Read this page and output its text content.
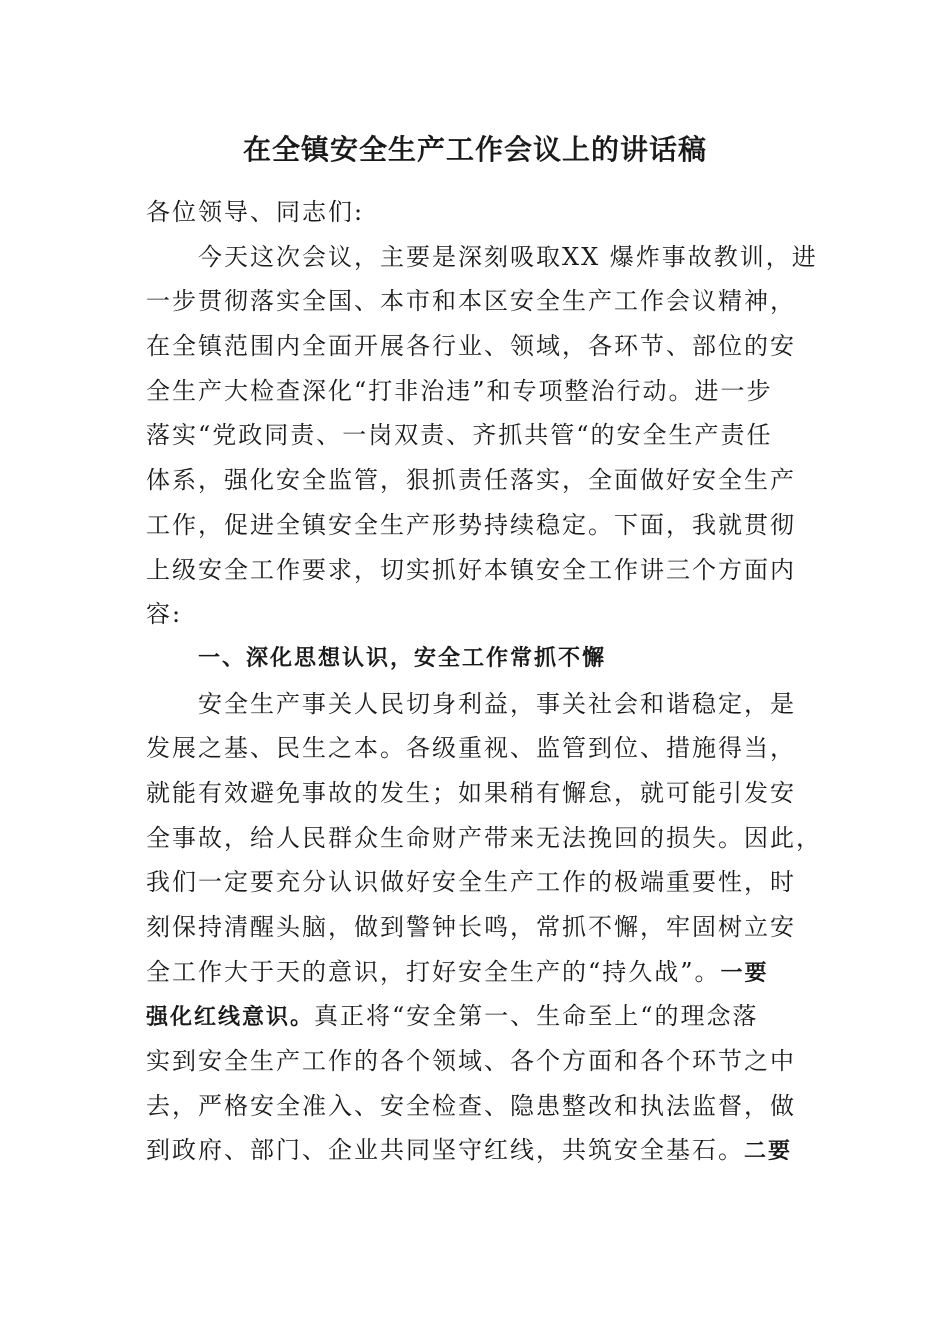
在全镇安全生产工作会议上的讲话稿
各位领导、同志们:
今天这次会议，主要是深刻吸取XX 爆炸事故教训，进
一步贯彻落实全国、本市和本区安全生产工作会议精神，
在全镇范围内全面开展各行业、领域，各环节、部位的安
全生产大检查深化“打非治违”和专项整治行动。进一步
落实“党政同责、一岗双责、齐抓共管“的安全生产责任
体系，强化安全监管，狠抓责任落实，全面做好安全生产
工作，促进全镇安全生产形势持续稳定。下面，我就贯彻
上级安全工作要求，切实抓好本镇安全工作讲三个方面内
容:
一、深化思想认识，安全工作常抓不懈
安全生产事关人民切身利益，事关社会和谐稳定，是
发展之基、民生之本。各级重视、监管到位、措施得当，
就能有效避免事故的发生；如果稍有懈怠，就可能引发安
全事故，给人民群众生命财产带来无法挽回的损失。因此，
我们一定要充分认识做好安全生产工作的极端重要性，时
刻保持清醒头脑，做到警钟长鸣，常抓不懈，牢固树立安
全工作大于天的意识，打好安全生产的“持久战”。一要
强化红线意识。真正将“安全第一、生命至上“的理念落
实到安全生产工作的各个领域、各个方面和各个环节之中
去，严格安全准入、安全检查、隐患整改和执法监督，做
到政府、部门、企业共同坚守红线，共筑安全基石。二要
